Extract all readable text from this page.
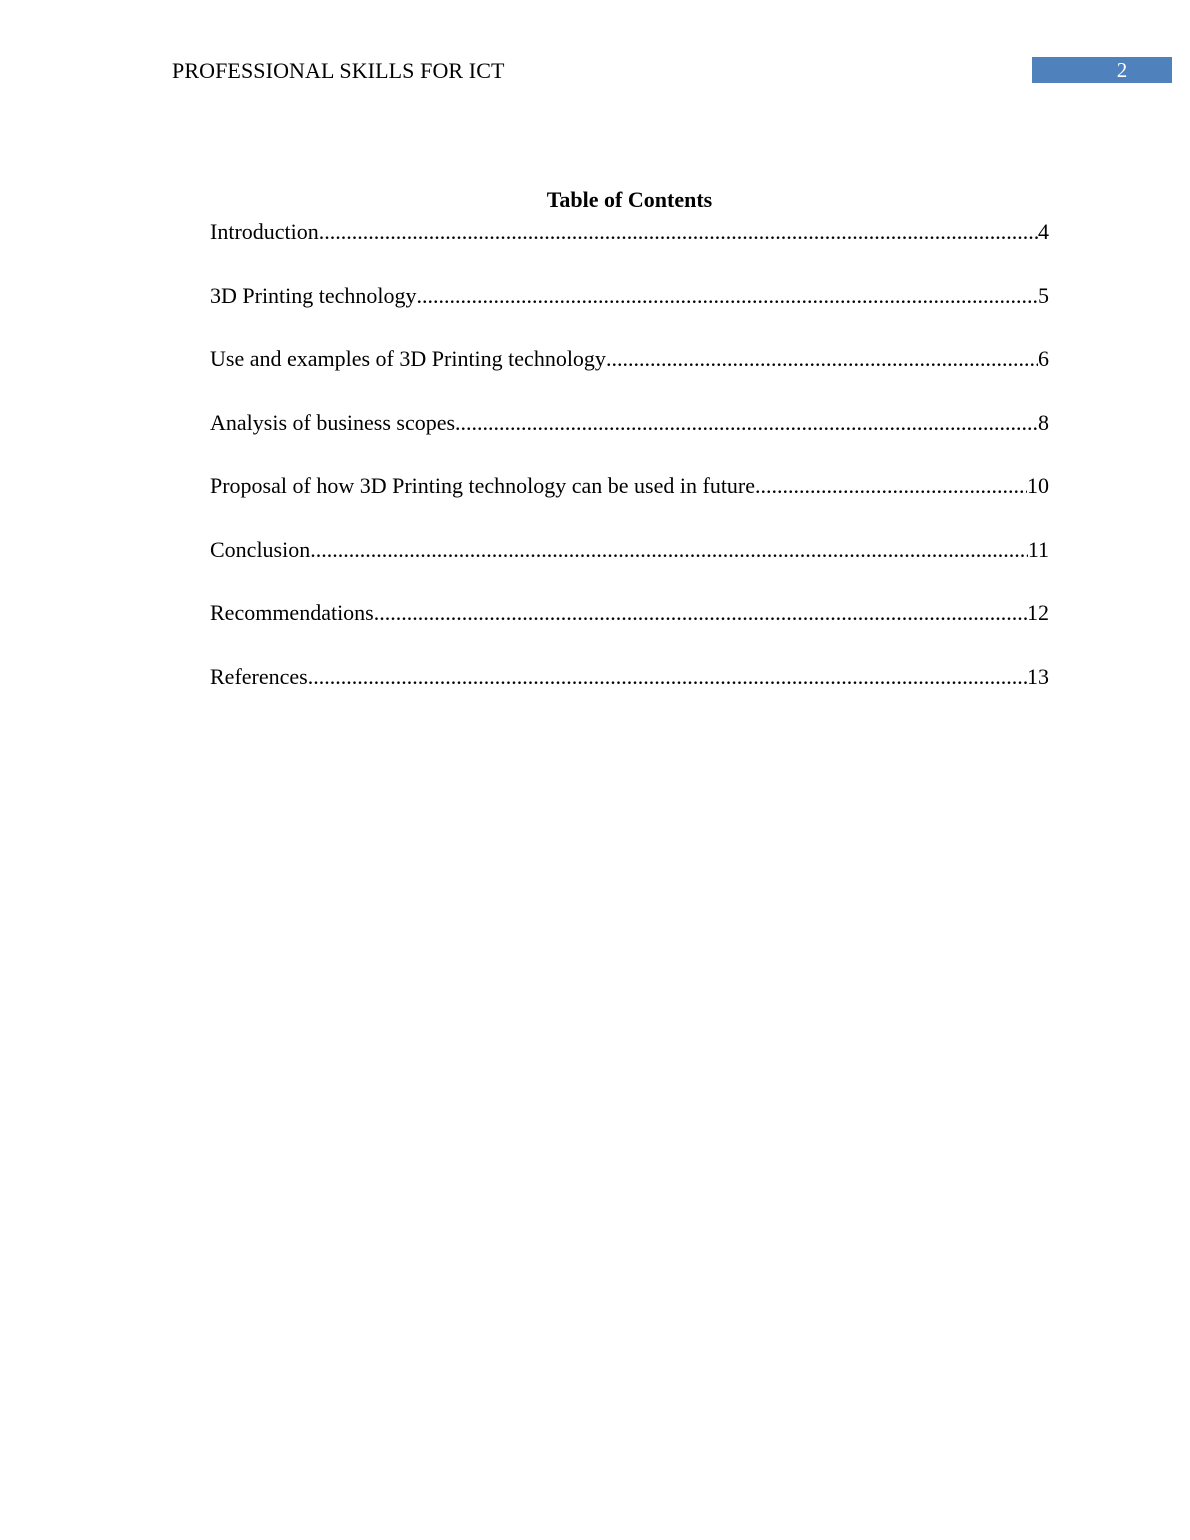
PROFESSIONAL SKILLS FOR ICT	2
Table of Contents
Introduction .....	4
3D Printing technology .....	5
Use and examples of 3D Printing technology .....	6
Analysis of business scopes .....	8
Proposal of how 3D Printing technology can be used in future .....	10
Conclusion .....	11
Recommendations .....	12
References .....	13
